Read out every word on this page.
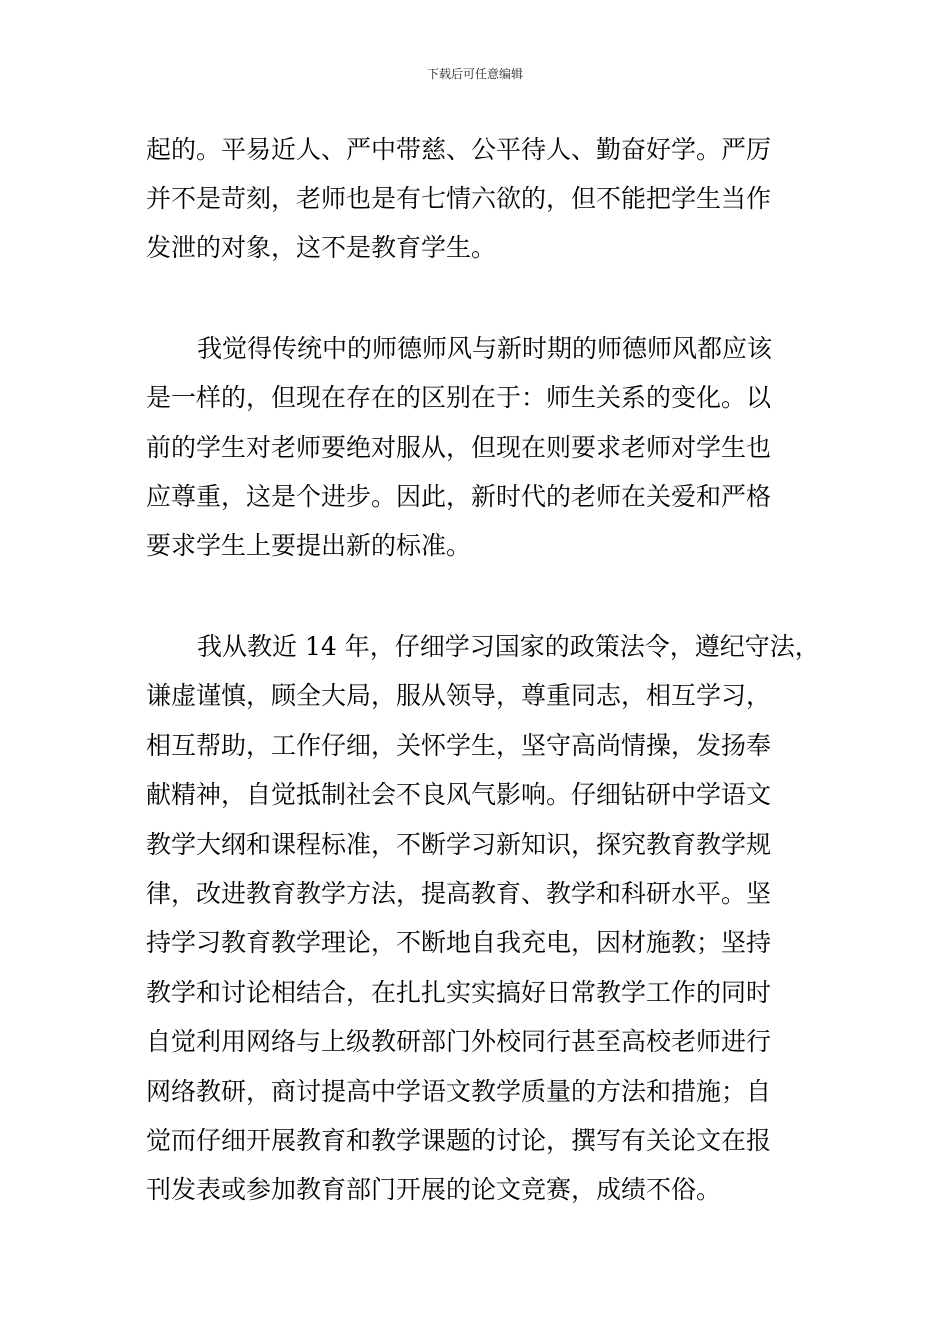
下载后可任意编辑
起的。平易近人、严中带慈、公平待人、勤奋好学。严厉
并不是苛刻，老师也是有七情六欲的，但不能把学生当作
发泄的对象，这不是教育学生。
我觉得传统中的师德师风与新时期的师德师风都应该
是一样的，但现在存在的区别在于：师生关系的变化。以
前的学生对老师要绝对服从，但现在则要求老师对学生也
应尊重，这是个进步。因此，新时代的老师在关爱和严格
要求学生上要提出新的标准。
我从教近 14 年，仔细学习国家的政策法令，遵纪守法，
谦虚谨慎，顾全大局，服从领导，尊重同志，相互学习，
相互帮助，工作仔细，关怀学生，坚守高尚情操，发扬奉
献精神，自觉抵制社会不良风气影响。仔细钻研中学语文
教学大纲和课程标准，不断学习新知识，探究教育教学规
律，改进教育教学方法，提高教育、教学和科研水平。坚
持学习教育教学理论，不断地自我充电，因材施教；坚持
教学和讨论相结合，在扎扎实实搞好日常教学工作的同时
自觉利用网络与上级教研部门外校同行甚至高校老师进行
网络教研，商讨提高中学语文教学质量的方法和措施；自
觉而仔细开展教育和教学课题的讨论，撰写有关论文在报
刊发表或参加教育部门开展的论文竞赛，成绩不俗。
